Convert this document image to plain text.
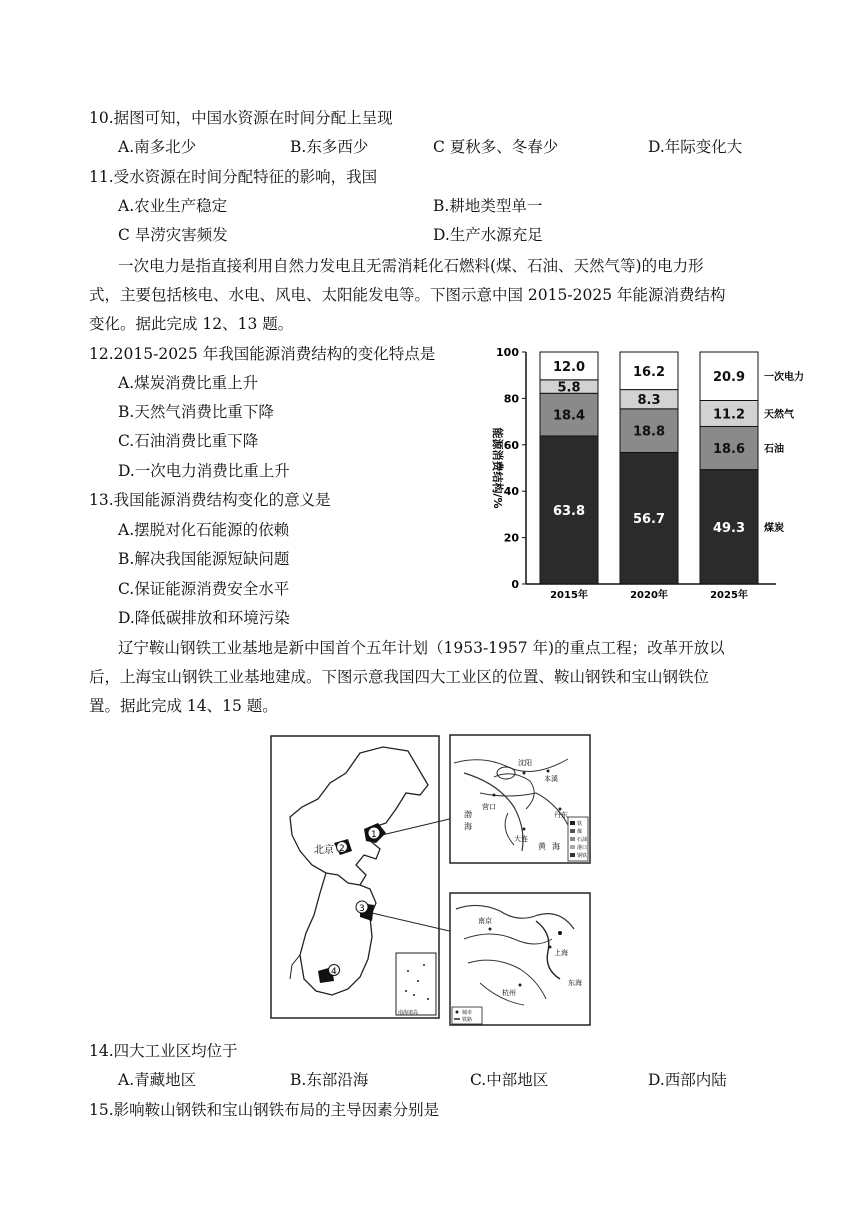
10.据图可知，中国水资源在时间分配上呈现
A.南多北少	B.东多西少	C 夏秋多、冬春少	D.年际变化大
11.受水资源在时间分配特征的影响，我国
A.农业生产稳定	B.耕地类型单一
C 旱涝灾害频发	D.生产水源充足
一次电力是指直接利用自然力发电且无需消耗化石燃料(煤、石油、天然气等)的电力形
式，主要包括核电、水电、风电、太阳能发电等。下图示意中国 2015-2025 年能源消费结构
变化。据此完成 12、13 题。
12.2015-2025 年我国能源消费结构的变化特点是
A.煤炭消费比重上升
B.天然气消费比重下降
C.石油消费比重下降
D.一次电力消费比重上升
13.我国能源消费结构变化的意义是
A.摆脱对化石能源的依赖
B.解决我国能源短缺问题
C.保证能源消费安全水平
D.降低碳排放和环境污染
0
20
40
60
80
100
能源消费结构/%
63.8
18.4
5.8
12.0
2015年
56.7
18.8
8.3
16.2
2020年
49.3 煤炭
18.6 石油
11.2 天然气
20.9 一次电力
2025年
辽宁鞍山钢铁工业基地是新中国首个五年计划（1953-1957 年)的重点工程；改革开放以
后，上海宝山钢铁工业基地建成。下图示意我国四大工业区的位置、鞍山钢铁和宝山钢铁位
置。据此完成 14、15 题。
1
2
北京
3
4
南海诸岛
沈阳
本溪
营口
丹东
大连
渤
海
黄 海
铁
煤
石油
港口
钢铁
南京
上海
杭州
东海
城市
铁路
14.四大工业区均位于
A.青藏地区	B.东部沿海	C.中部地区	D.西部内陆
15.影响鞍山钢铁和宝山钢铁布局的主导因素分别是
